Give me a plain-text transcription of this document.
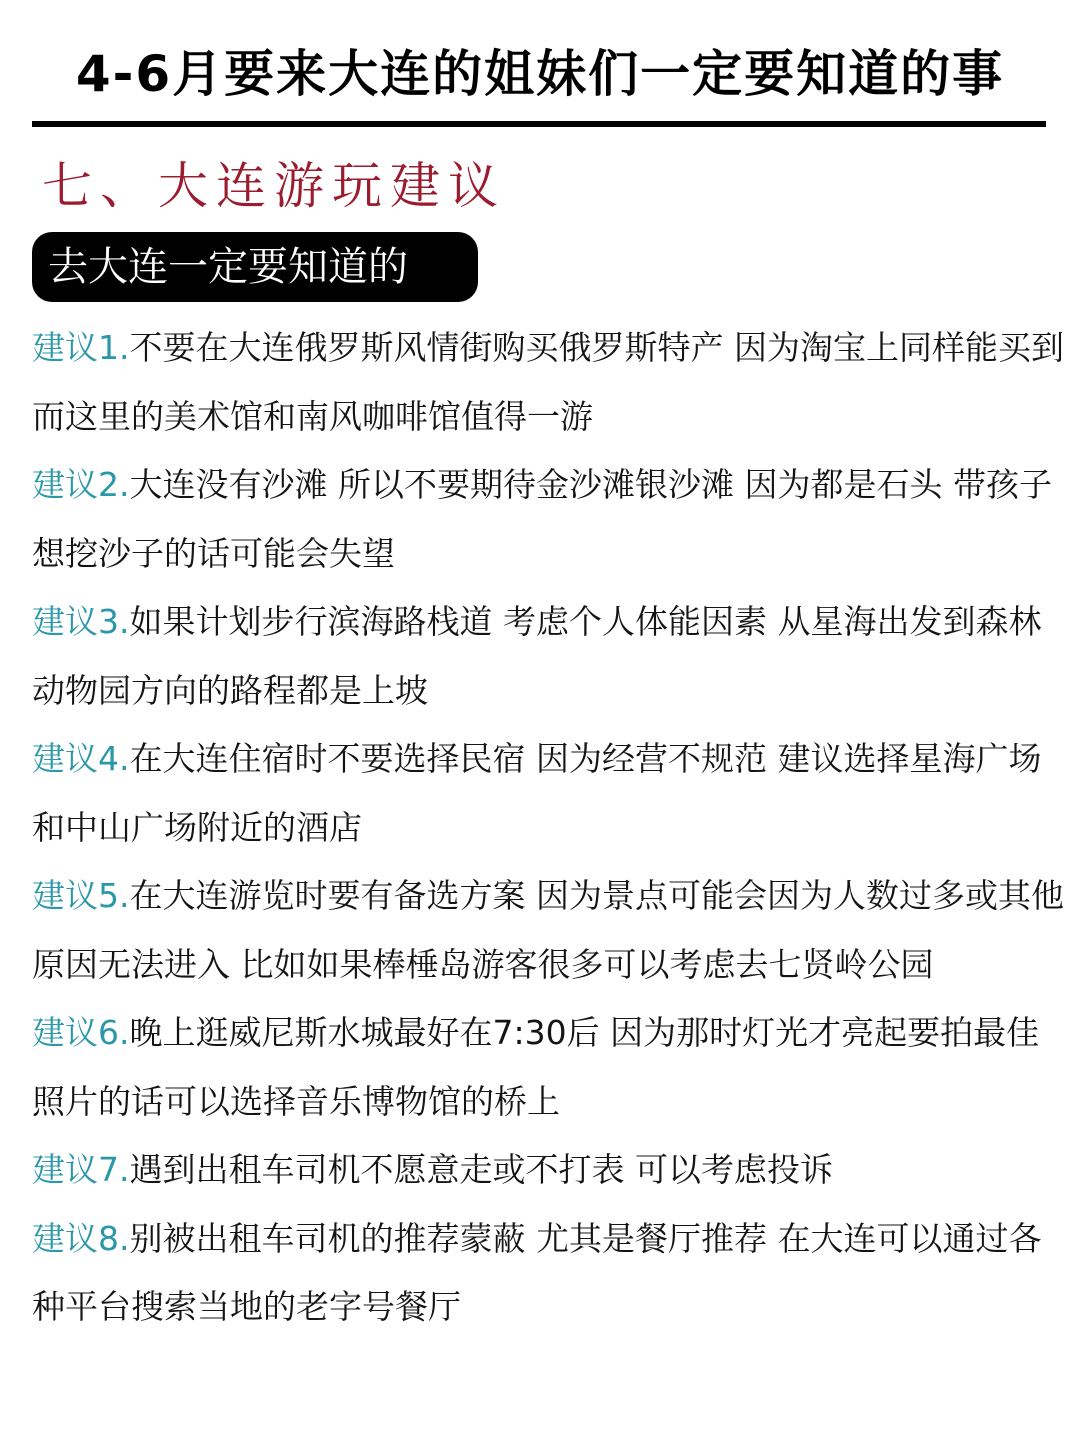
4-6月要来大连的姐妹们一定要知道的事
七、大连游玩建议
去大连一定要知道的
建议1.不要在大连俄罗斯风情街购买俄罗斯特产 因为淘宝上同样能买到 而这里的美术馆和南风咖啡馆值得一游
建议2.大连没有沙滩 所以不要期待金沙滩银沙滩 因为都是石头 带孩子想挖沙子的话可能会失望
建议3.如果计划步行滨海路栈道 考虑个人体能因素 从星海出发到森林动物园方向的路程都是上坡
建议4.在大连住宿时不要选择民宿 因为经营不规范 建议选择星海广场和中山广场附近的酒店
建议5.在大连游览时要有备选方案 因为景点可能会因为人数过多或其他原因无法进入 比如如果棒棰岛游客很多可以考虑去七贤岭公园
建议6.晚上逛威尼斯水城最好在7:30后 因为那时灯光才亮起要拍最佳照片的话可以选择音乐博物馆的桥上
建议7.遇到出租车司机不愿意走或不打表 可以考虑投诉
建议8.别被出租车司机的推荐蒙蔽 尤其是餐厅推荐 在大连可以通过各种平台搜索当地的老字号餐厅
